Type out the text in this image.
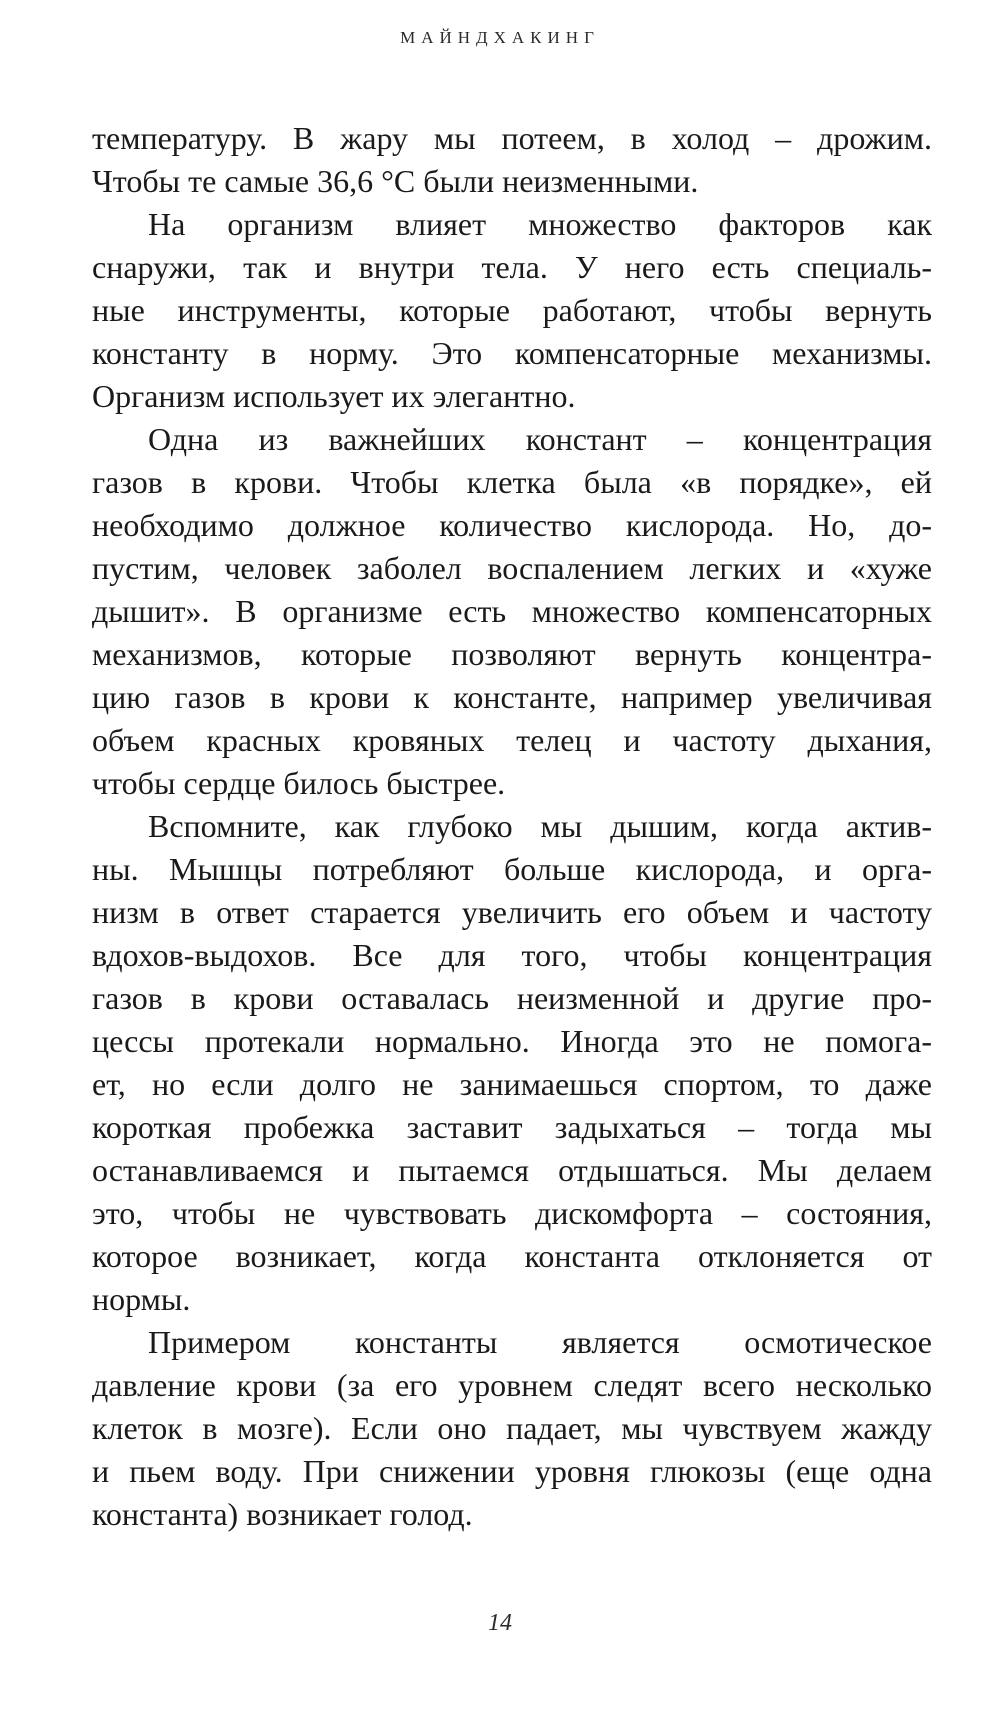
МАЙНДХАКИНГ
температуру. В жару мы потеем, в холод – дрожим.
Чтобы те самые 36,6 °С были неизменными.
На организм влияет множество факторов как
снаружи, так и внутри тела. У него есть специаль-
ные инструменты, которые работают, чтобы вернуть
константу в норму. Это компенсаторные механизмы.
Организм использует их элегантно.
Одна из важнейших констант – концентрация
газов в крови. Чтобы клетка была «в порядке», ей
необходимо должное количество кислорода. Но, до-
пустим, человек заболел воспалением легких и «хуже
дышит». В организме есть множество компенсаторных
механизмов, которые позволяют вернуть концентра-
цию газов в крови к константе, например увеличивая
объем красных кровяных телец и частоту дыхания,
чтобы сердце билось быстрее.
Вспомните, как глубоко мы дышим, когда актив-
ны. Мышцы потребляют больше кислорода, и орга-
низм в ответ старается увеличить его объем и частоту
вдохов-выдохов. Все для того, чтобы концентрация
газов в крови оставалась неизменной и другие про-
цессы протекали нормально. Иногда это не помога-
ет, но если долго не занимаешься спортом, то даже
короткая пробежка заставит задыхаться – тогда мы
останавливаемся и пытаемся отдышаться. Мы делаем
это, чтобы не чувствовать дискомфорта – состояния,
которое возникает, когда константа отклоняется от
нормы.
Примером константы является осмотическое
давление крови (за его уровнем следят всего несколько
клеток в мозге). Если оно падает, мы чувствуем жажду
и пьем воду. При снижении уровня глюкозы (еще одна
константа) возникает голод.
14
